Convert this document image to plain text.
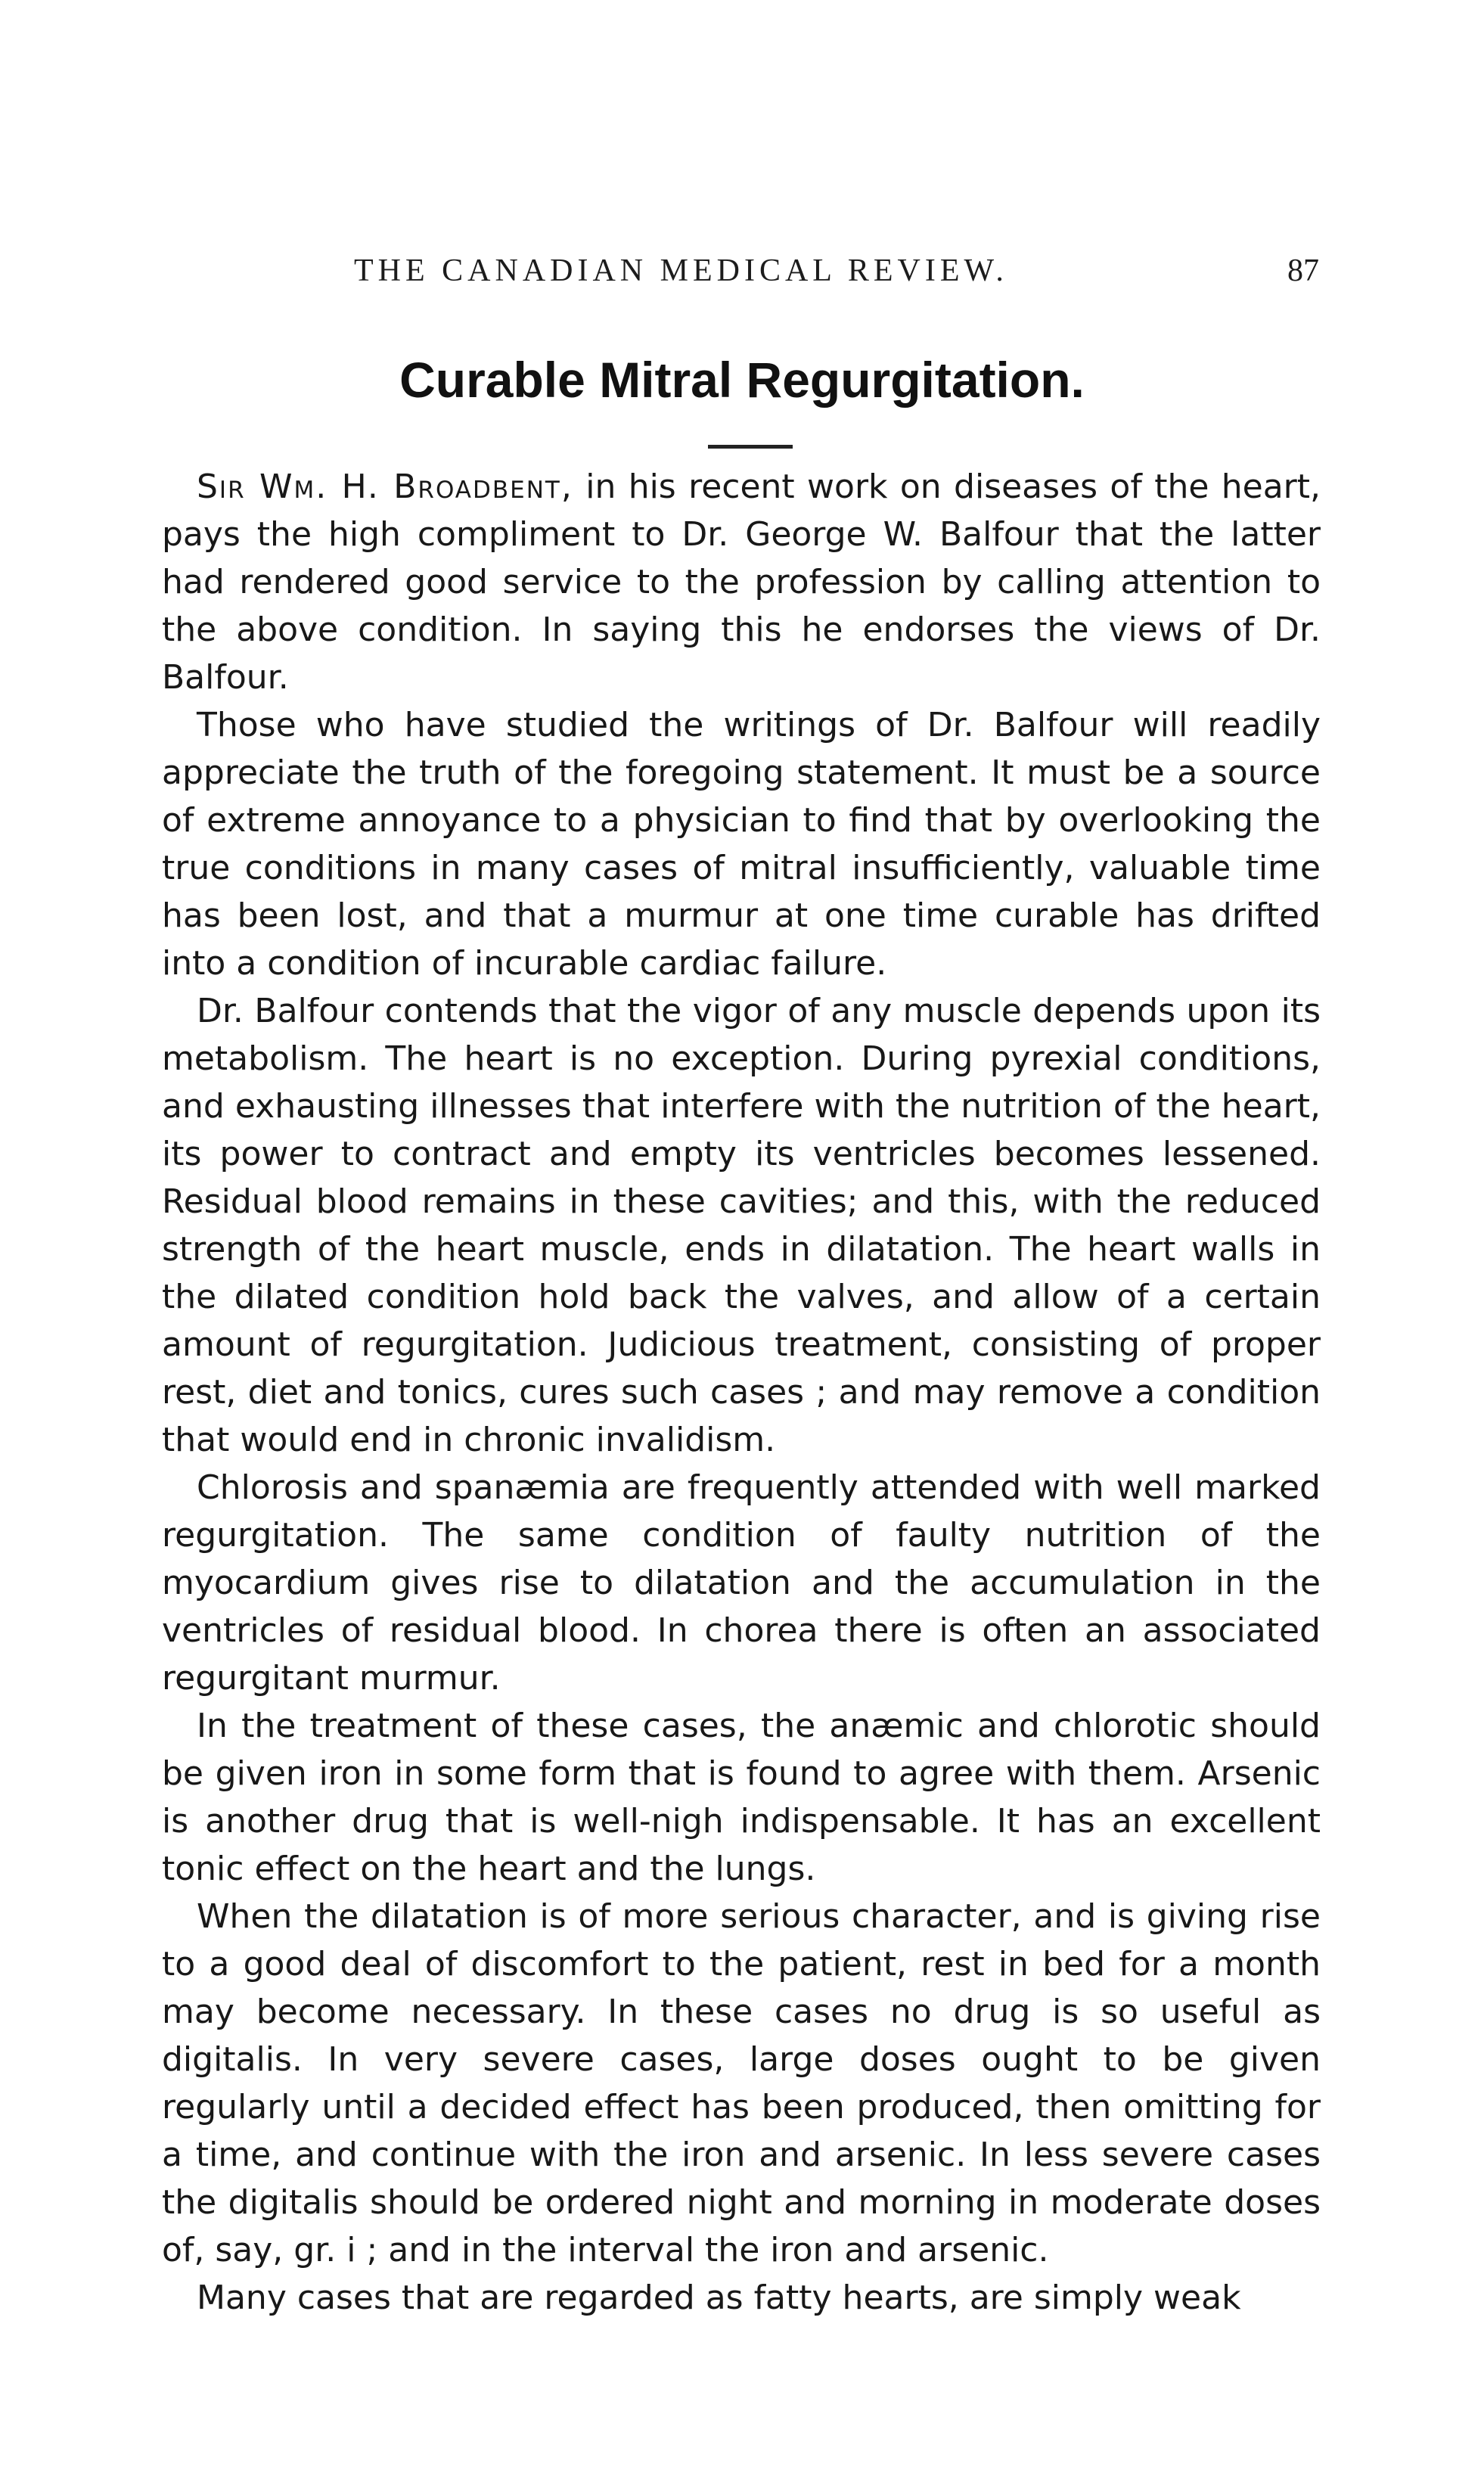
THE CANADIAN MEDICAL REVIEW.	87
Curable Mitral Regurgitation.

Sir Wm. H. Broadbent, in his recent work on diseases of the heart, pays the high compliment to Dr. George W. Balfour that the latter had rendered good service to the profession by calling attention to the above condition. In saying this he endorses the views of Dr. Balfour.

Those who have studied the writings of Dr. Balfour will readily appreciate the truth of the foregoing statement. It must be a source of extreme annoyance to a physician to find that by overlooking the true conditions in many cases of mitral insufficiently, valuable time has been lost, and that a murmur at one time curable has drifted into a condition of incurable cardiac failure.

Dr. Balfour contends that the vigor of any muscle depends upon its metabolism. The heart is no exception. During pyrexial conditions, and exhausting illnesses that interfere with the nutrition of the heart, its power to contract and empty its ventricles becomes lessened. Residual blood remains in these cavities; and this, with the reduced strength of the heart muscle, ends in dilatation. The heart walls in the dilated condition hold back the valves, and allow of a certain amount of regurgitation. Judicious treatment, consisting of proper rest, diet and tonics, cures such cases ; and may remove a condition that would end in chronic invalidism.

Chlorosis and spanæmia are frequently attended with well marked regurgitation. The same condition of faulty nutrition of the myocardium gives rise to dilatation and the accumulation in the ventricles of residual blood. In chorea there is often an associated regurgitant murmur.

In the treatment of these cases, the anæmic and chlorotic should be given iron in some form that is found to agree with them. Arsenic is another drug that is well-nigh indispensable. It has an excellent tonic effect on the heart and the lungs.

When the dilatation is of more serious character, and is giving rise to a good deal of discomfort to the patient, rest in bed for a month may become necessary. In these cases no drug is so useful as digitalis. In very severe cases, large doses ought to be given regularly until a decided effect has been produced, then omitting for a time, and continue with the iron and arsenic. In less severe cases the digitalis should be ordered night and morning in moderate doses of, say, gr. i ; and in the interval the iron and arsenic.

Many cases that are regarded as fatty hearts, are simply weak
